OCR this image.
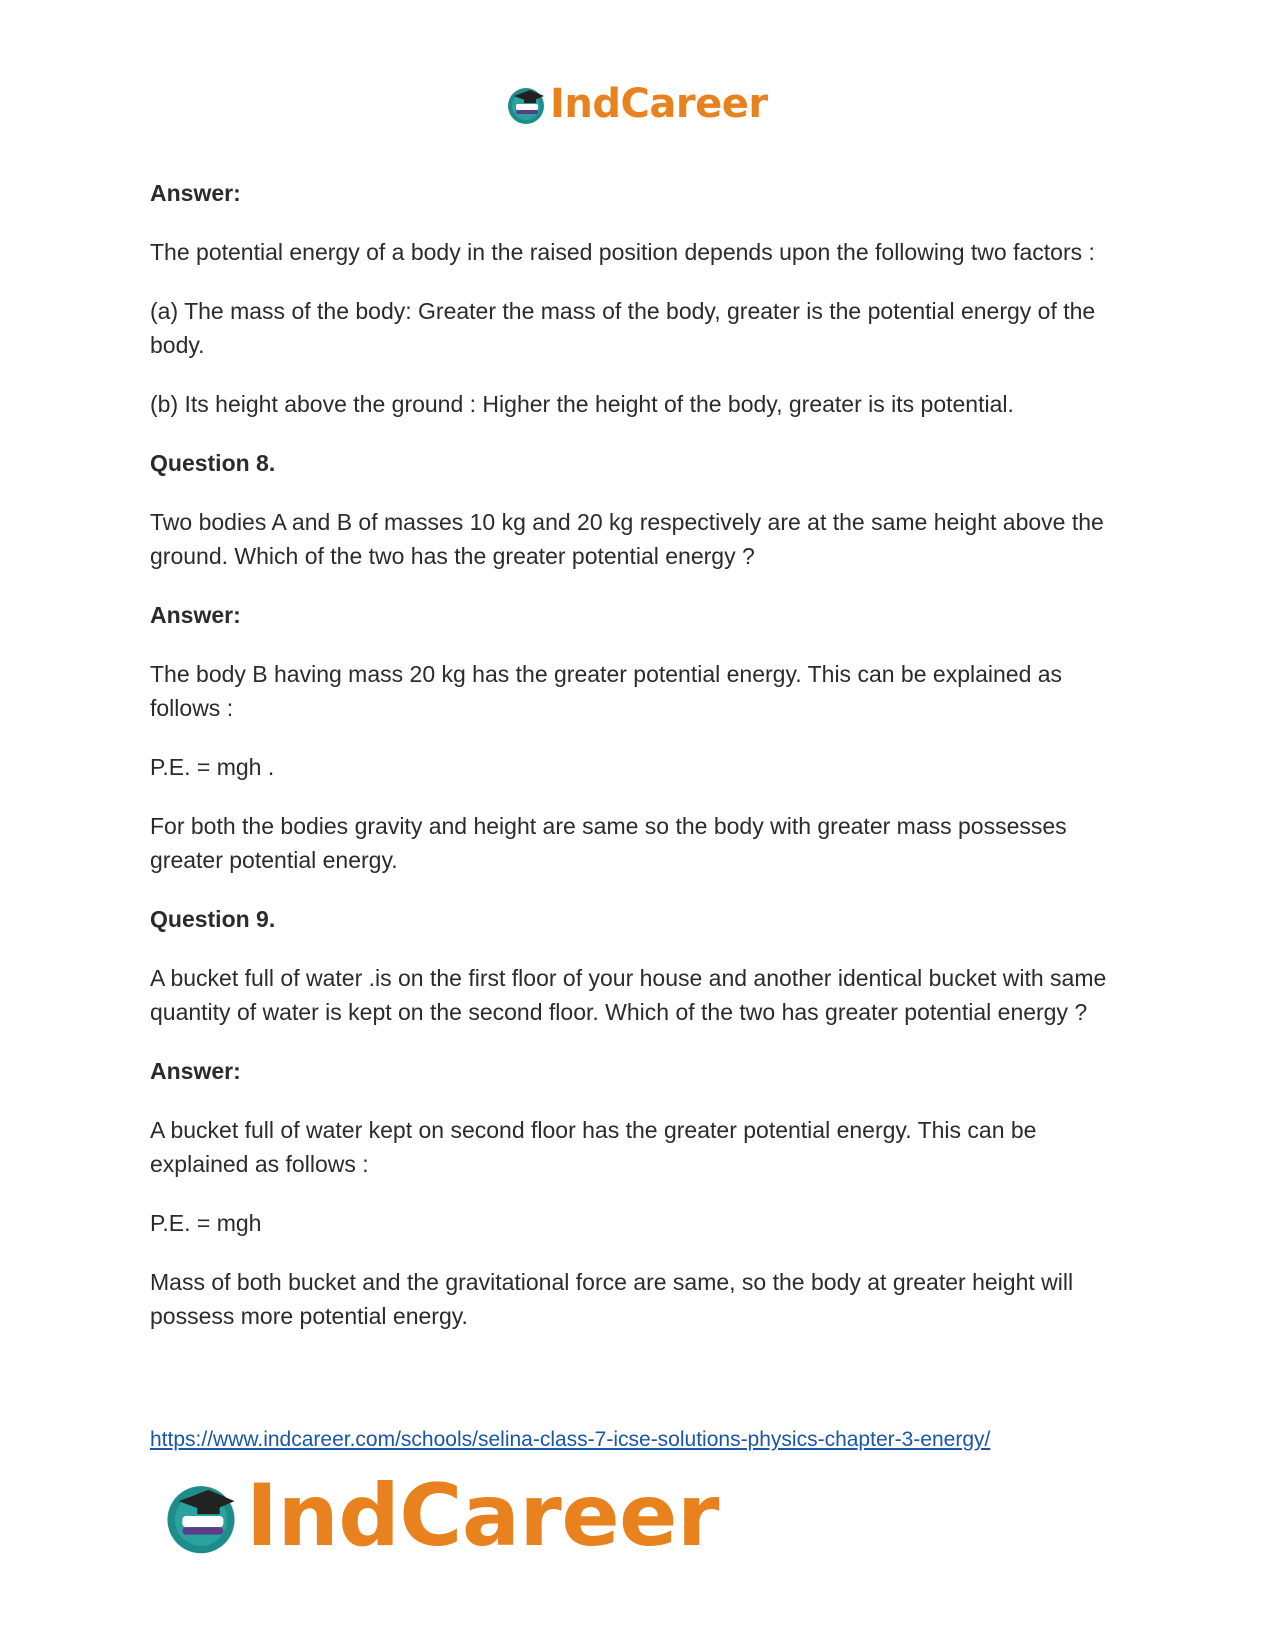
IndCareer

Answer:

The potential energy of a body in the raised position depends upon the following two factors :

(a) The mass of the body: Greater the mass of the body, greater is the potential energy of the body.

(b) Its height above the ground : Higher the height of the body, greater is its potential.

Question 8.

Two bodies A and B of masses 10 kg and 20 kg respectively are at the same height above the ground. Which of the two has the greater potential energy ?

Answer:

The body B having mass 20 kg has the greater potential energy. This can be explained as follows :

P.E. = mgh .

For both the bodies gravity and height are same so the body with greater mass possesses greater potential energy.

Question 9.

A bucket full of water .is on the first floor of your house and another identical bucket with same quantity of water is kept on the second floor. Which of the two has greater potential energy ?

Answer:

A bucket full of water kept on second floor has the greater potential energy. This can be explained as follows :

P.E. = mgh

Mass of both bucket and the gravitational force are same, so the body at greater height will possess more potential energy.

https://www.indcareer.com/schools/selina-class-7-icse-solutions-physics-chapter-3-energy/
IndCareer
